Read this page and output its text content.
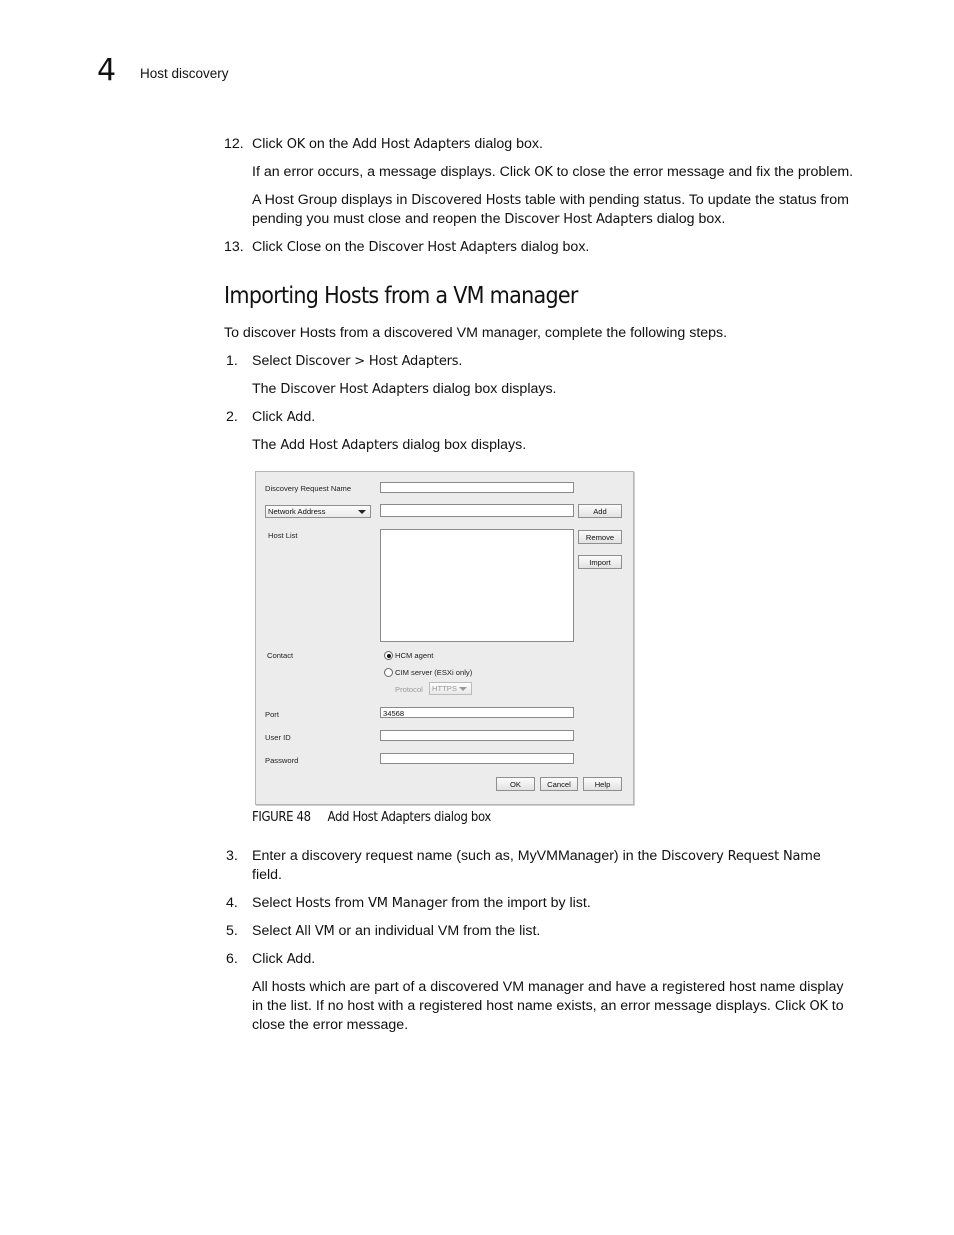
4 Host discovery
12. Click OK on the Add Host Adapters dialog box.
If an error occurs, a message displays. Click OK to close the error message and fix the problem.
A Host Group displays in Discovered Hosts table with pending status. To update the status from
pending you must close and reopen the Discover Host Adapters dialog box.
13. Click Close on the Discover Host Adapters dialog box.
Importing Hosts from a VM manager
To discover Hosts from a discovered VM manager, complete the following steps.
1. Select Discover > Host Adapters.
The Discover Host Adapters dialog box displays.
2. Click Add.
The Add Host Adapters dialog box displays.
Discovery Request Name
Network Address	Add
Host List	Remove
Import
Contact	HCM agent
CIM server (ESXi only)
Protocol	HTTPS
Port	34568
User ID
Password
OK	Cancel	Help
FIGURE 48 Add Host Adapters dialog box
3. Enter a discovery request name (such as, MyVMManager) in the Discovery Request Name
field.
4. Select Hosts from VM Manager from the import by list.
5. Select All VM or an individual VM from the list.
6. Click Add.
All hosts which are part of a discovered VM manager and have a registered host name display
in the list. If no host with a registered host name exists, an error message displays. Click OK to
close the error message.
